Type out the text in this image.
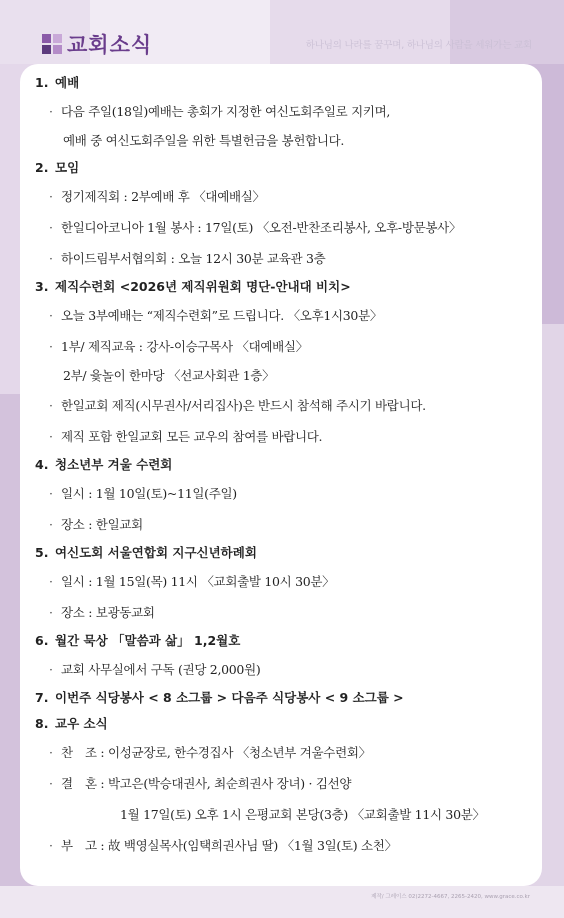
교회소식	하나님의 나라를 꿈꾸며, 하나님의 사람을 세워가는 교회
1. 예배
· 다음 주일(18일)예배는 총회가 지정한 여신도회주일로 지키며,
예배 중 여신도회주일을 위한 특별헌금을 봉헌합니다.
2. 모임
· 정기제직회 : 2부예배 후 〈대예배실〉
· 한일디아코니아 1월 봉사 : 17일(토) 〈오전-반찬조리봉사, 오후-방문봉사〉
· 하이드림부서협의회 : 오늘 12시 30분 교육관 3층
3. 제직수련회 <2026년 제직위원회 명단-안내대 비치>
· 오늘 3부예배는 “제직수련회”로 드립니다. 〈오후1시30분〉
· 1부/ 제직교육 : 강사-이승구목사 〈대예배실〉
2부/ 윷놀이 한마당 〈선교사회관 1층〉
· 한일교회 제직(시무권사/서리집사)은 반드시 참석해 주시기 바랍니다.
· 제직 포함 한일교회 모든 교우의 참여를 바랍니다.
4. 청소년부 겨울 수련회
· 일시 : 1월 10일(토)~11일(주일)
· 장소 : 한일교회
5. 여신도회 서울연합회 지구신년하례회
· 일시 : 1월 15일(목) 11시 〈교회출발 10시 30분〉
· 장소 : 보광동교회
6. 월간 묵상 「말씀과 삶」 1,2월호
· 교회 사무실에서 구독 (권당 2,000원)
7. 이번주 식당봉사 < 8 소그룹 > 다음주 식당봉사 < 9 소그룹 >
8. 교우 소식
· 찬　조 : 이성균장로, 한수경집사 〈청소년부 겨울수련회〉
· 결　혼 : 박고은(박승대권사, 최순희권사 장녀) · 김선양
1월 17일(토) 오후 1시 은평교회 본당(3층) 〈교회출발 11시 30분〉
· 부　고 : 故 백영실목사(임택희권사님 딸) 〈1월 3일(토) 소천〉
제작/ 그레이스 02)2272-4667, 2265-2420, www.grace.co.kr
